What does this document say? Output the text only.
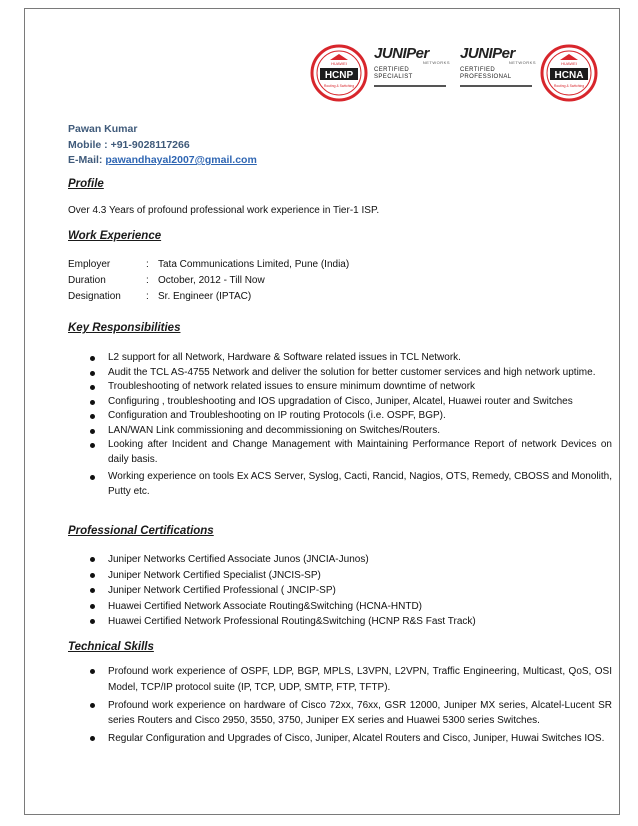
HCNP
HUAWEI
Routing & Switching
JUNIPer
NETWORKS
CERTIFIED
SPECIALIST
JUNIPer
NETWORKS
CERTIFIED
PROFESSIONAL	HCNA
HUAWEI
Routing & Switching
Pawan Kumar
Mobile : +91-9028117266
E-Mail: pawandhayal2007@gmail.com
Profile
Over 4.3 Years of profound professional work experience in Tier-1 ISP.
Work Experience
Employer	: Tata Communications Limited, Pune (India)
Duration	: October, 2012 - Till Now
Designation	: Sr. Engineer (IPTAC)
Key Responsibilities
L2 support for all Network, Hardware & Software related issues in TCL Network.
Audit the TCL AS-4755 Network and deliver the solution for better customer services and high network uptime.
Troubleshooting of network related issues to ensure minimum downtime of network
Configuring , troubleshooting and IOS upgradation of Cisco, Juniper, Alcatel, Huawei router and Switches
Configuration and Troubleshooting on IP routing Protocols (i.e. OSPF, BGP).
LAN/WAN Link commissioning and decommissioning on Switches/Routers.
Looking after Incident and Change Management with Maintaining Performance Report of network Devices on daily basis.
Working experience on tools Ex ACS Server, Syslog, Cacti, Rancid, Nagios, OTS, Remedy, CBOSS and Monolith, Putty etc.
Professional Certifications
Juniper Networks Certified Associate Junos (JNCIA-Junos)
Juniper Network Certified Specialist (JNCIS-SP)
Juniper Network Certified Professional ( JNCIP-SP)
Huawei Certified Network Associate Routing&Switching (HCNA-HNTD)
Huawei Certified Network Professional Routing&Switching (HCNP R&S Fast Track)
Technical Skills
Profound work experience of OSPF, LDP, BGP, MPLS, L3VPN, L2VPN, Traffic Engineering, Multicast, QoS, OSI Model, TCP/IP protocol suite (IP, TCP, UDP, SMTP, FTP, TFTP).
Profound work experience on hardware of Cisco 72xx, 76xx, GSR 12000, Juniper MX series, Alcatel-Lucent SR series Routers and Cisco 2950, 3550, 3750, Juniper EX series and Huawei 5300 series Switches.
Regular Configuration and Upgrades of Cisco, Juniper, Alcatel Routers and Cisco, Juniper, Huwai Switches IOS.
